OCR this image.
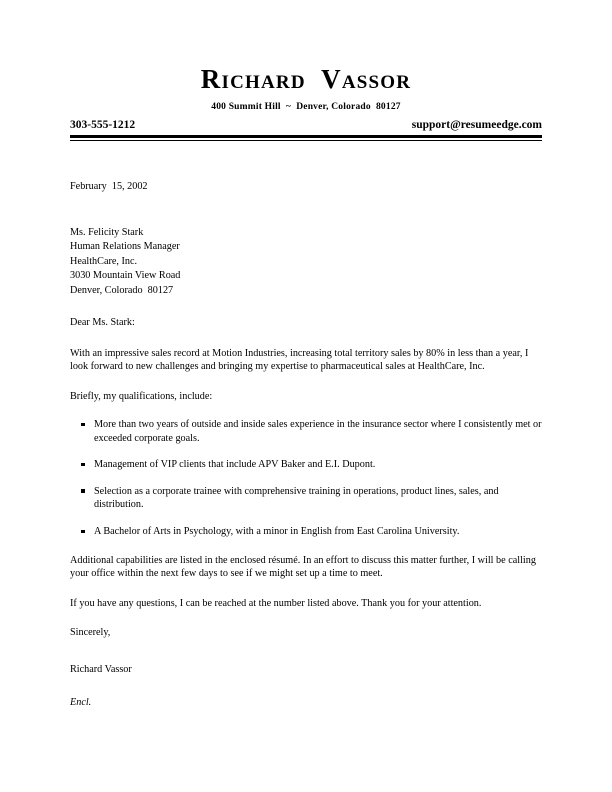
Richard  Vassor
400 Summit Hill  ~  Denver, Colorado  80127
303-555-1212	support@resumeedge.com
February  15, 2002
Ms. Felicity Stark
Human Relations Manager
HealthCare, Inc.
3030 Mountain View Road
Denver, Colorado  80127
Dear Ms. Stark:

With an impressive sales record at Motion Industries, increasing total territory sales by 80% in less than a year, I look forward to new challenges and bringing my expertise to pharmaceutical sales at HealthCare, Inc.

Briefly, my qualifications, include:

More than two years of outside and inside sales experience in the insurance sector where I consistently met or exceeded corporate goals.
Management of VIP clients that include APV Baker and E.I. Dupont.
Selection as a corporate trainee with comprehensive training in operations, product lines, sales, and distribution.
A Bachelor of Arts in Psychology, with a minor in English from East Carolina University.

Additional capabilities are listed in the enclosed résumé. In an effort to discuss this matter further, I will be calling your office within the next few days to see if we might set up a time to meet.

If you have any questions, I can be reached at the number listed above. Thank you for your attention.

Sincerely,

Richard Vassor
Encl.
